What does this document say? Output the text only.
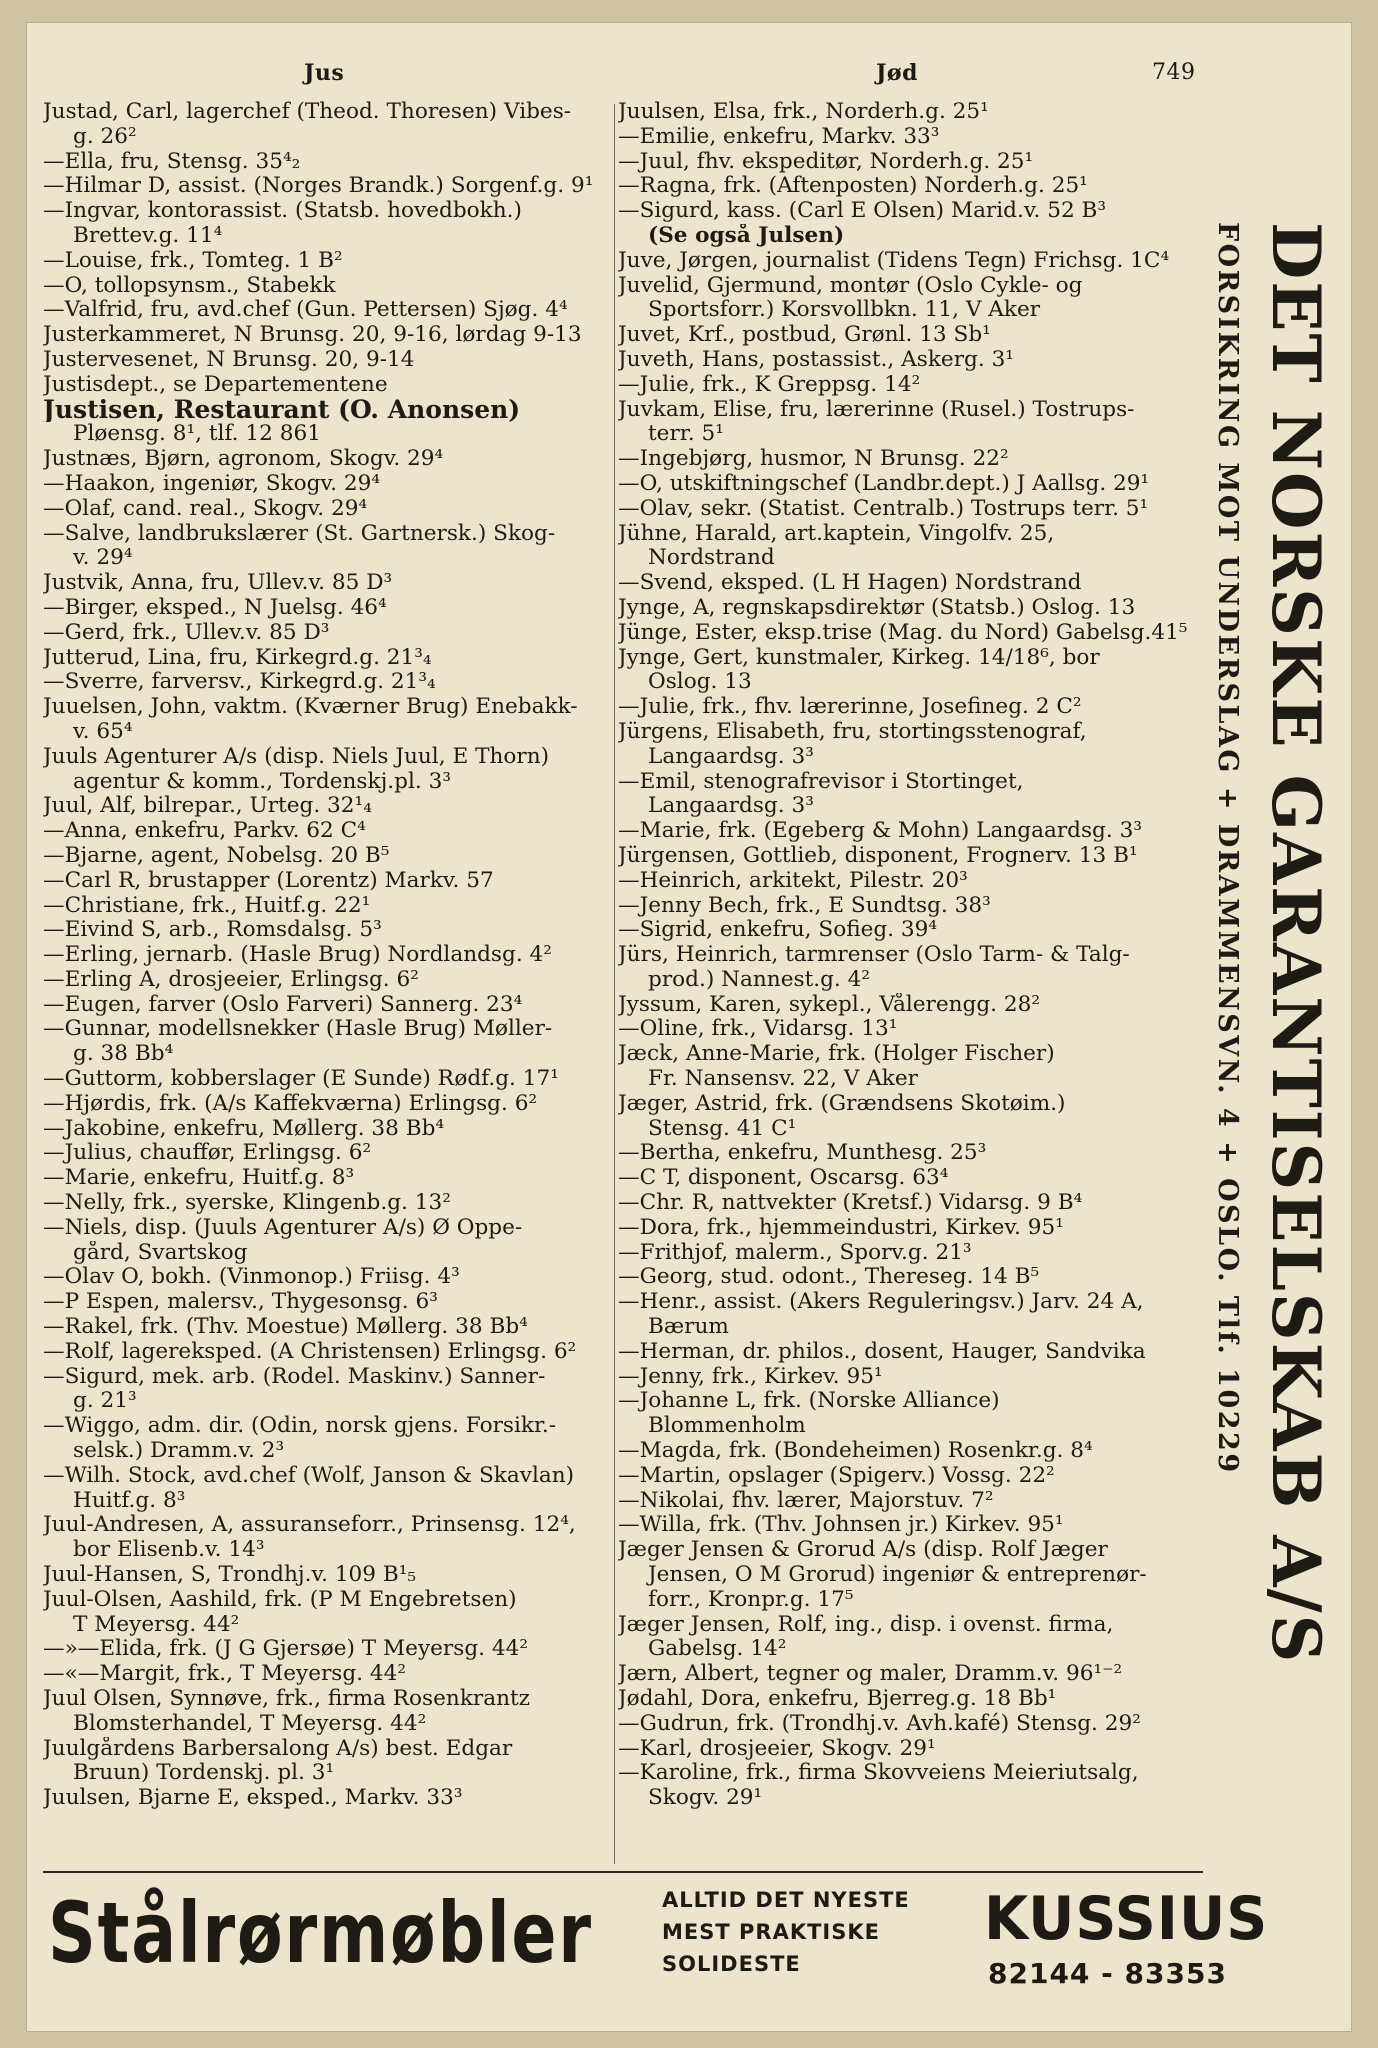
Jus	Jød	749
Justad, Carl, lagerchef (Theod. Thoresen) Vibes-
g. 26²
—Ella, fru, Stensg. 35⁴₂
—Hilmar D, assist. (Norges Brandk.) Sorgenf.g. 9¹
—Ingvar, kontorassist. (Statsb. hovedbokh.)
Brettev.g. 11⁴
—Louise, frk., Tomteg. 1 B²
—O, tollopsynsm., Stabekk
—Valfrid, fru, avd.chef (Gun. Pettersen) Sjøg. 4⁴
Justerkammeret, N Brunsg. 20, 9-16, lørdag 9-13
Justervesenet, N Brunsg. 20, 9-14
Justisdept., se Departementene
Justisen, Restaurant (O. Anonsen)
Pløensg. 8¹, tlf. 12 861
Justnæs, Bjørn, agronom, Skogv. 29⁴
—Haakon, ingeniør, Skogv. 29⁴
—Olaf, cand. real., Skogv. 29⁴
—Salve, landbrukslærer (St. Gartnersk.) Skog-
v. 29⁴
Justvik, Anna, fru, Ullev.v. 85 D³
—Birger, eksped., N Juelsg. 46⁴
—Gerd, frk., Ullev.v. 85 D³
Jutterud, Lina, fru, Kirkegrd.g. 21³₄
—Sverre, farversv., Kirkegrd.g. 21³₄
Juuelsen, John, vaktm. (Kværner Brug) Enebakk-
v. 65⁴
Juuls Agenturer A/s (disp. Niels Juul, E Thorn)
agentur & komm., Tordenskj.pl. 3³
Juul, Alf, bilrepar., Urteg. 32¹₄
—Anna, enkefru, Parkv. 62 C⁴
—Bjarne, agent, Nobelsg. 20 B⁵
—Carl R, brustapper (Lorentz) Markv. 57
—Christiane, frk., Huitf.g. 22¹
—Eivind S, arb., Romsdalsg. 5³
—Erling, jernarb. (Hasle Brug) Nordlandsg. 4²
—Erling A, drosjeeier, Erlingsg. 6²
—Eugen, farver (Oslo Farveri) Sannerg. 23⁴
—Gunnar, modellsnekker (Hasle Brug) Møller-
g. 38 Bb⁴
—Guttorm, kobberslager (E Sunde) Rødf.g. 17¹
—Hjørdis, frk. (A/s Kaffekværna) Erlingsg. 6²
—Jakobine, enkefru, Møllerg. 38 Bb⁴
—Julius, chauffør, Erlingsg. 6²
—Marie, enkefru, Huitf.g. 8³
—Nelly, frk., syerske, Klingenb.g. 13²
—Niels, disp. (Juuls Agenturer A/s) Ø Oppe-
gård, Svartskog
—Olav O, bokh. (Vinmonop.) Friisg. 4³
—P Espen, malersv., Thygesonsg. 6³
—Rakel, frk. (Thv. Moestue) Møllerg. 38 Bb⁴
—Rolf, lagereksped. (A Christensen) Erlingsg. 6²
—Sigurd, mek. arb. (Rodel. Maskinv.) Sanner-
g. 21³
—Wiggo, adm. dir. (Odin, norsk gjens. Forsikr.-
selsk.) Dramm.v. 2³
—Wilh. Stock, avd.chef (Wolf, Janson & Skavlan)
Huitf.g. 8³
Juul-Andresen, A, assuranseforr., Prinsensg. 12⁴,
bor Elisenb.v. 14³
Juul-Hansen, S, Trondhj.v. 109 B¹₅
Juul-Olsen, Aashild, frk. (P M Engebretsen)
T Meyersg. 44²
—»—Elida, frk. (J G Gjersøe) T Meyersg. 44²
—«—Margit, frk., T Meyersg. 44²
Juul Olsen, Synnøve, frk., firma Rosenkrantz
Blomsterhandel, T Meyersg. 44²
Juulgårdens Barbersalong A/s) best. Edgar
Bruun) Tordenskj. pl. 3¹
Juulsen, Bjarne E, eksped., Markv. 33³
Juulsen, Elsa, frk., Norderh.g. 25¹
—Emilie, enkefru, Markv. 33³
—Juul, fhv. ekspeditør, Norderh.g. 25¹
—Ragna, frk. (Aftenposten) Norderh.g. 25¹
—Sigurd, kass. (Carl E Olsen) Marid.v. 52 B³
(Se også Julsen)
Juve, Jørgen, journalist (Tidens Tegn) Frichsg. 1C⁴
Juvelid, Gjermund, montør (Oslo Cykle- og
Sportsforr.) Korsvollbkn. 11, V Aker
Juvet, Krf., postbud, Grønl. 13 Sb¹
Juveth, Hans, postassist., Askerg. 3¹
—Julie, frk., K Greppsg. 14²
Juvkam, Elise, fru, lærerinne (Rusel.) Tostrups-
terr. 5¹
—Ingebjørg, husmor, N Brunsg. 22²
—O, utskiftningschef (Landbr.dept.) J Aallsg. 29¹
—Olav, sekr. (Statist. Centralb.) Tostrups terr. 5¹
Jühne, Harald, art.kaptein, Vingolfv. 25,
Nordstrand
—Svend, eksped. (L H Hagen) Nordstrand
Jynge, A, regnskapsdirektør (Statsb.) Oslog. 13
Jünge, Ester, eksp.trise (Mag. du Nord) Gabelsg.41⁵
Jynge, Gert, kunstmaler, Kirkeg. 14/18⁶, bor
Oslog. 13
—Julie, frk., fhv. lærerinne, Josefineg. 2 C²
Jürgens, Elisabeth, fru, stortingsstenograf,
Langaardsg. 3³
—Emil, stenografrevisor i Stortinget,
Langaardsg. 3³
—Marie, frk. (Egeberg & Mohn) Langaardsg. 3³
Jürgensen, Gottlieb, disponent, Frognerv. 13 B¹
—Heinrich, arkitekt, Pilestr. 20³
—Jenny Bech, frk., E Sundtsg. 38³
—Sigrid, enkefru, Sofieg. 39⁴
Jürs, Heinrich, tarmrenser (Oslo Tarm- & Talg-
prod.) Nannest.g. 4²
Jyssum, Karen, sykepl., Vålerengg. 28²
—Oline, frk., Vidarsg. 13¹
Jæck, Anne-Marie, frk. (Holger Fischer)
Fr. Nansensv. 22, V Aker
Jæger, Astrid, frk. (Grændsens Skotøim.)
Stensg. 41 C¹
—Bertha, enkefru, Munthesg. 25³
—C T, disponent, Oscarsg. 63⁴
—Chr. R, nattvekter (Kretsf.) Vidarsg. 9 B⁴
—Dora, frk., hjemmeindustri, Kirkev. 95¹
—Frithjof, malerm., Sporv.g. 21³
—Georg, stud. odont., Thereseg. 14 B⁵
—Henr., assist. (Akers Reguleringsv.) Jarv. 24 A,
Bærum
—Herman, dr. philos., dosent, Hauger, Sandvika
—Jenny, frk., Kirkev. 95¹
—Johanne L, frk. (Norske Alliance)
Blommenholm
—Magda, frk. (Bondeheimen) Rosenkr.g. 8⁴
—Martin, opslager (Spigerv.) Vossg. 22²
—Nikolai, fhv. lærer, Majorstuv. 7²
—Willa, frk. (Thv. Johnsen jr.) Kirkev. 95¹
Jæger Jensen & Grorud A/s (disp. Rolf Jæger
Jensen, O M Grorud) ingeniør & entreprenør-
forr., Kronpr.g. 17⁵
Jæger Jensen, Rolf, ing., disp. i ovenst. firma,
Gabelsg. 14²
Jærn, Albert, tegner og maler, Dramm.v. 96¹⁻²
Jødahl, Dora, enkefru, Bjerreg.g. 18 Bb¹
—Gudrun, frk. (Trondhj.v. Avh.kafé) Stensg. 29²
—Karl, drosjeeier, Skogv. 29¹
—Karoline, frk., firma Skovveiens Meieriutsalg,
Skogv. 29¹
DET NORSKE GARANTISELSKAB A/S
FORSIKRING MOT UNDERSLAG + DRAMMENSVN. 4 + OSLO. Tlf. 10229
Stålrørmøbler	ALLTID DET NYESTE
MEST PRAKTISKE
SOLIDESTE
KUSSIUS
82144 - 83353
